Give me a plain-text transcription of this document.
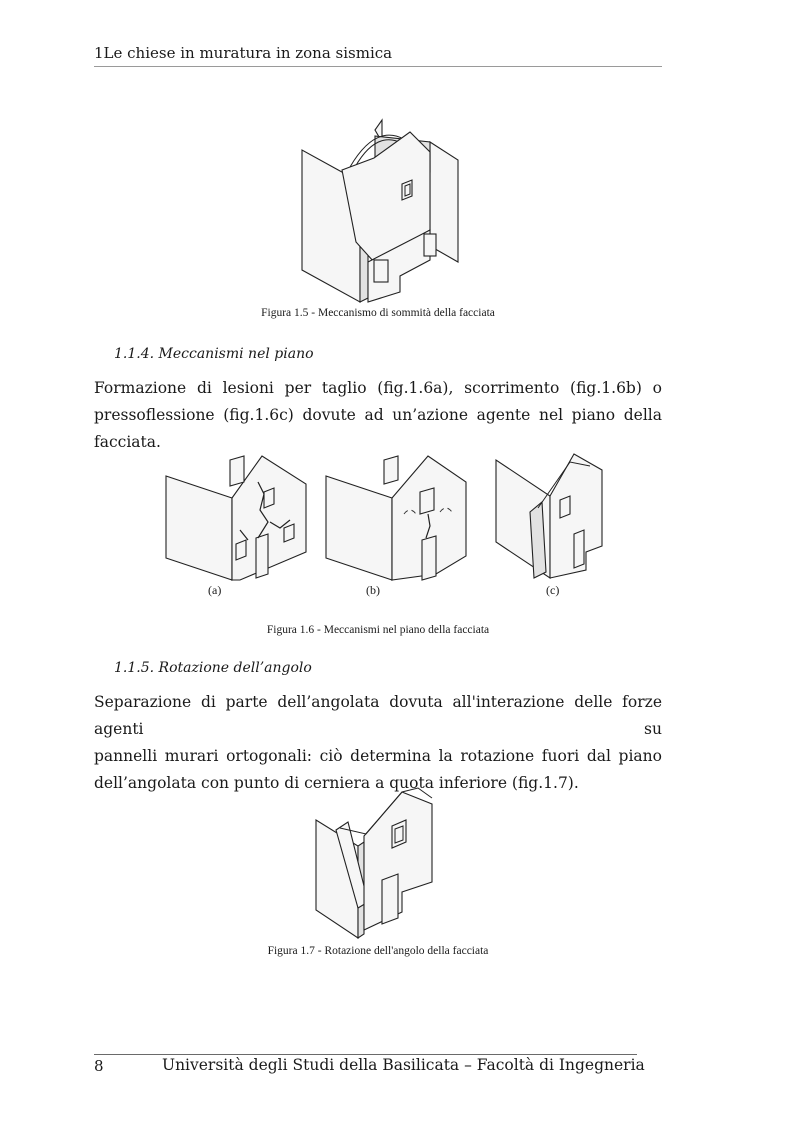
1Le chiese in muratura in zona sismica
Figura 1.5 - Meccanismo di sommità della facciata
1.1.4. Meccanismi nel piano
Formazione di lesioni per taglio (fig.1.6a), scorrimento (fig.1.6b) o
pressoflessione (fig.1.6c) dovute ad un’azione agente nel piano della facciata.
(a)	(b)	(c)
Figura 1.6 - Meccanismi nel piano della facciata
1.1.5. Rotazione dell’angolo
Separazione di parte dell’angolata dovuta all'interazione delle forze agenti su
pannelli murari ortogonali: ciò determina la rotazione fuori dal piano
dell’angolata con punto di cerniera a quota inferiore (fig.1.7).
Figura 1.7 - Rotazione dell'angolo della facciata
8	Università degli Studi della Basilicata – Facoltà di Ingegneria
